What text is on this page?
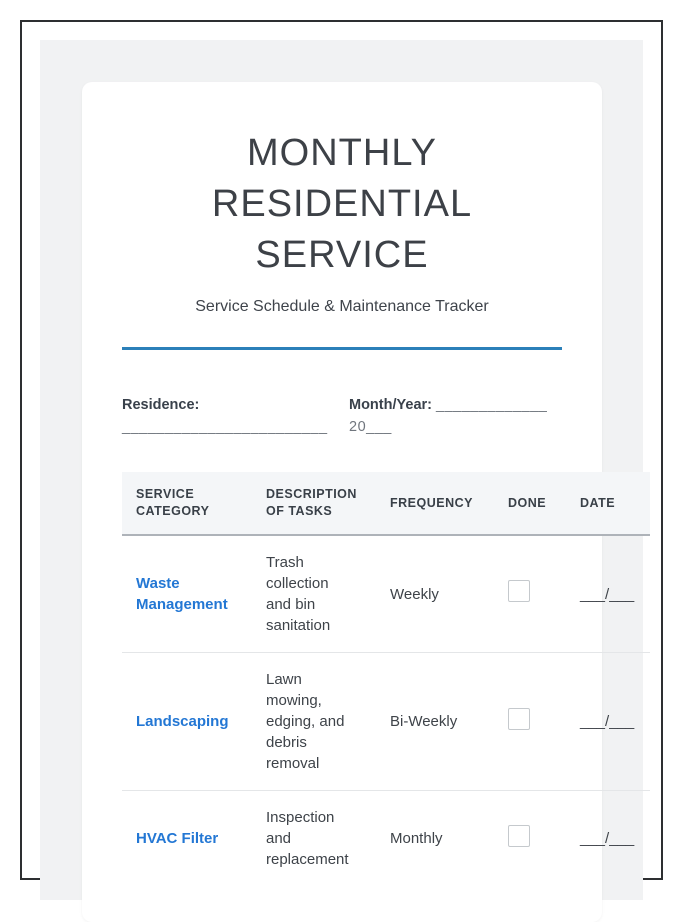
MONTHLY RESIDENTIAL SERVICE
Service Schedule & Maintenance Tracker
Residence:
________________________
Month/Year: _____________
20___
SERVICE CATEGORY	DESCRIPTION OF TASKS	FREQUENCY	DONE	DATE
Waste Management	Trash collection and bin sanitation	Weekly		___/___
Landscaping	Lawn mowing, edging, and debris removal	Bi-Weekly		___/___
HVAC Filter	Inspection and replacement	Monthly		___/___
